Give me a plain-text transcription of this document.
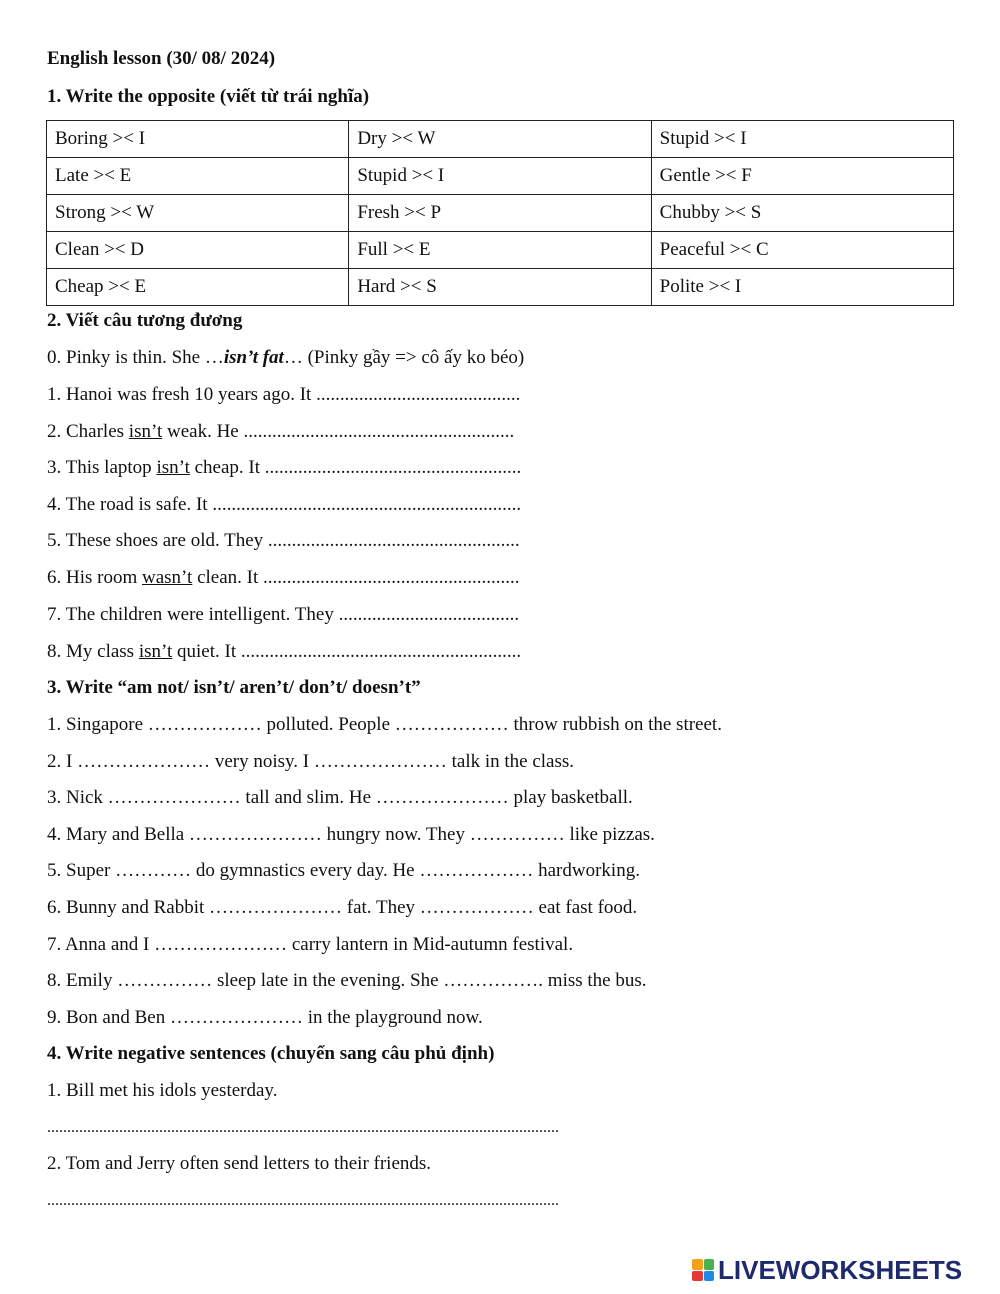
English lesson (30/ 08/ 2024)
1. Write the opposite (viết từ trái nghĩa)
Boring >< I	Dry >< W	Stupid >< I
Late >< E	Stupid >< I	Gentle >< F
Strong >< W	Fresh >< P	Chubby >< S
Clean >< D	Full >< E	Peaceful >< C
Cheap >< E	Hard >< S	Polite >< I
2. Viết câu tương đương
0. Pinky is thin. She …isn’t fat… (Pinky gầy => cô ấy ko béo)
1. Hanoi was fresh 10 years ago. It ...........................................
2. Charles isn’t weak. He .........................................................
3. This laptop isn’t cheap. It ......................................................
4. The road is safe. It .................................................................
5. These shoes are old. They .....................................................
6. His room wasn’t clean. It ......................................................
7. The children were intelligent. They ......................................
8. My class isn’t quiet. It ...........................................................
3. Write “am not/ isn’t/ aren’t/ don’t/ doesn’t”
1. Singapore ……………… polluted. People ……………… throw rubbish on the street.
2. I ………………… very noisy. I ………………… talk in the class.
3. Nick ………………… tall and slim. He ………………… play basketball.
4. Mary and Bella ………………… hungry now. They …………… like pizzas.
5. Super ………… do gymnastics every day. He ……………… hardworking.
6. Bunny and Rabbit ………………… fat. They ……………… eat fast food.
7. Anna and I ………………… carry lantern in Mid-autumn festival.
8. Emily …………… sleep late in the evening. She ……………. miss the bus.
9. Bon and Ben ………………… in the playground now.
4. Write negative sentences (chuyển sang câu phủ định)
1. Bill met his idols yesterday.
................................................................................................................................
2. Tom and Jerry often send letters to their friends.
................................................................................................................................
LIVEWORKSHEETS
